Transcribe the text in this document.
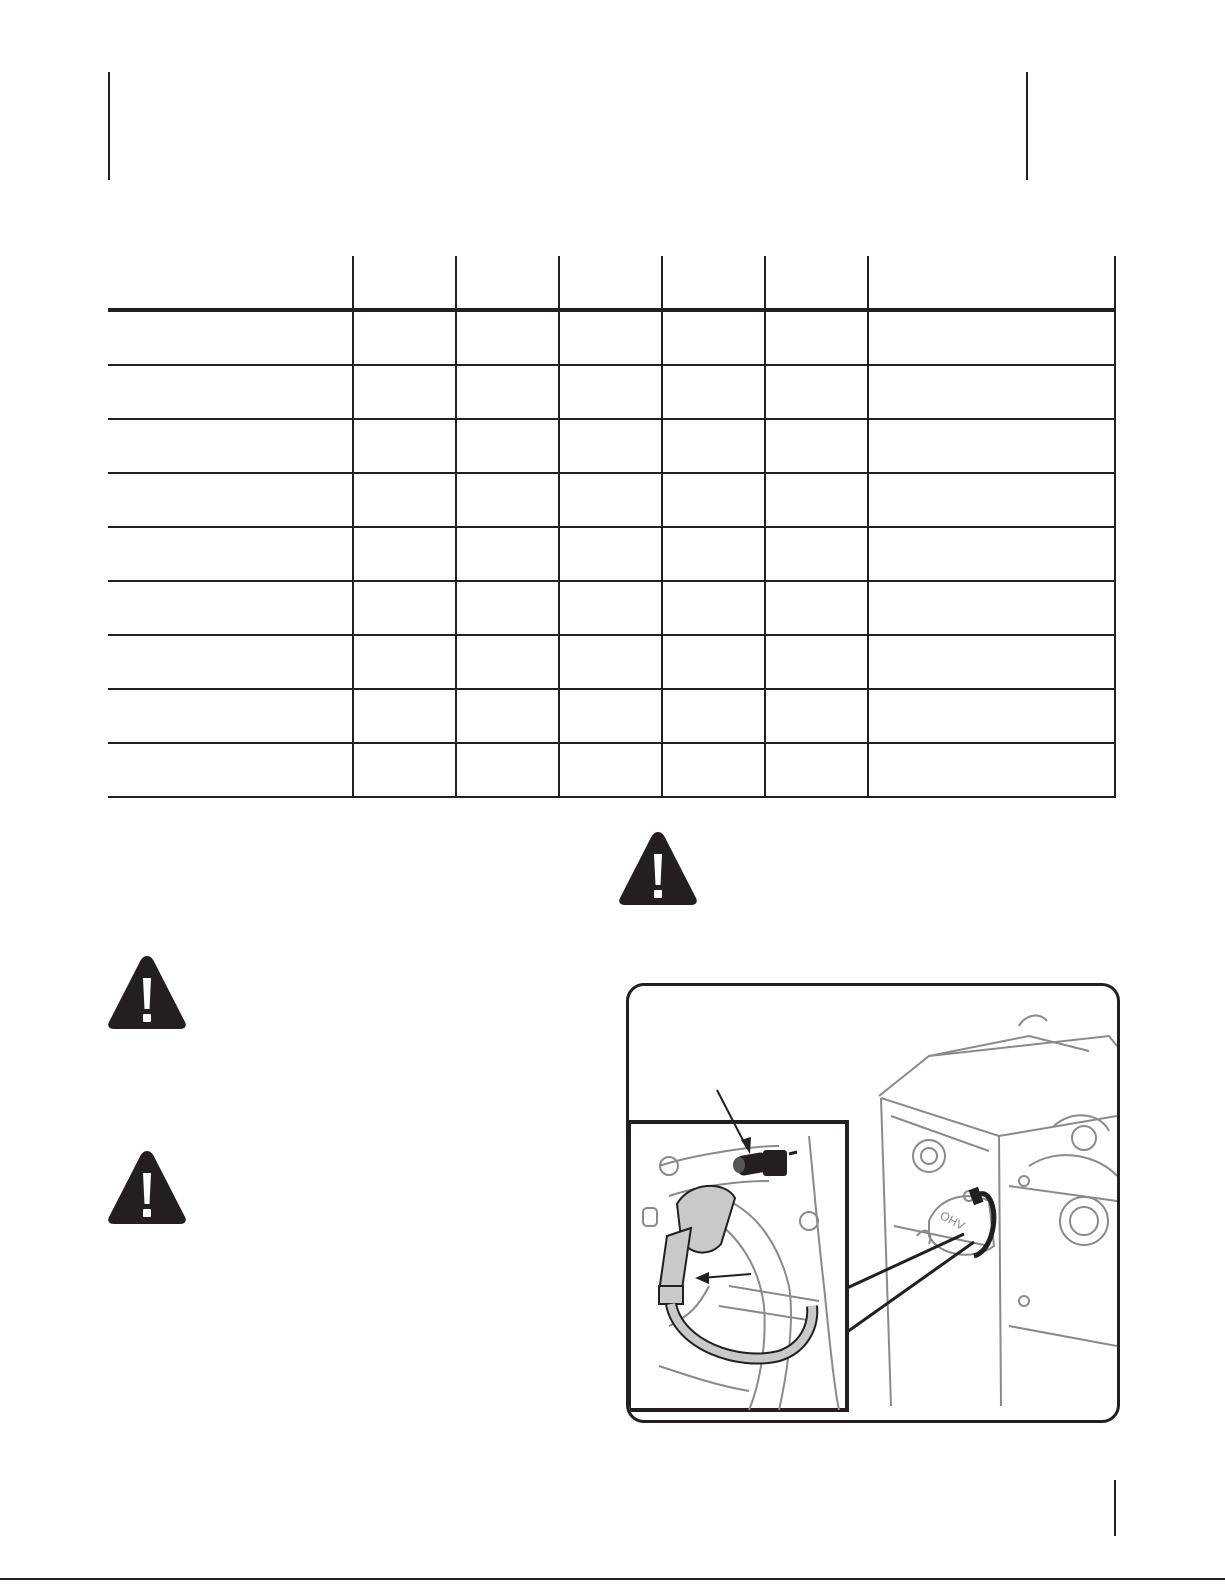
OHV
